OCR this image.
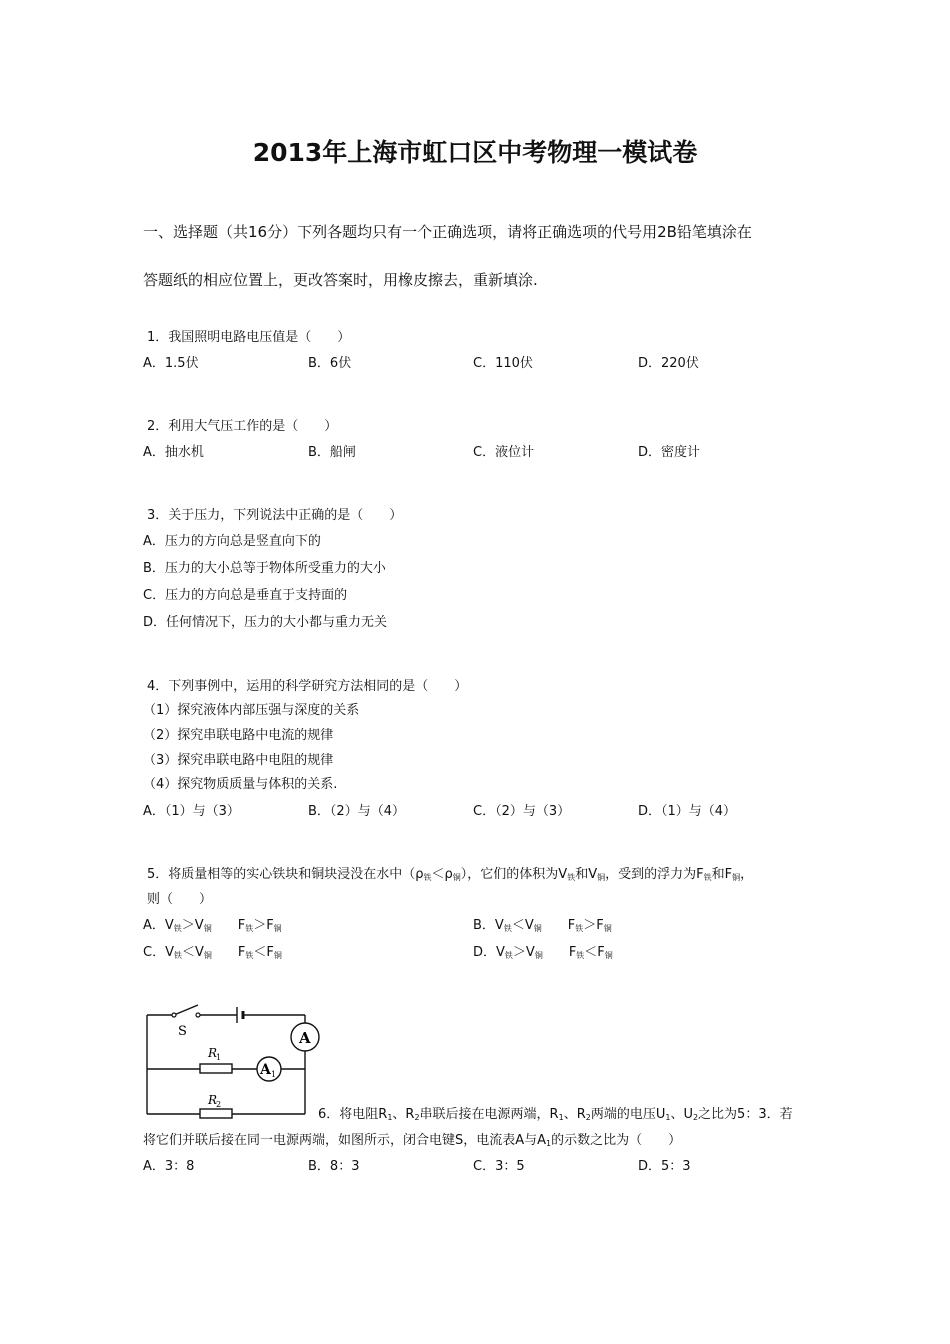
2013年上海市虹口区中考物理一模试卷
一、选择题（共16分）下列各题均只有一个正确选项，请将正确选项的代号用2B铅笔填涂在
答题纸的相应位置上，更改答案时，用橡皮擦去，重新填涂.
1．我国照明电路电压值是（　　）
A．1.5伏	B．6伏	C．110伏	D．220伏
2．利用大气压工作的是（　　）
A．抽水机	B．船闸	C．液位计	D．密度计
3．关于压力，下列说法中正确的是（　　）
A．压力的方向总是竖直向下的
B．压力的大小总等于物体所受重力的大小
C．压力的方向总是垂直于支持面的
D．任何情况下，压力的大小都与重力无关
4．下列事例中，运用的科学研究方法相同的是（　　）
（1）探究液体内部压强与深度的关系
（2）探究串联电路中电流的规律
（3）探究串联电路中电阻的规律
（4）探究物质质量与体积的关系.
A．（1）与（3）	B．（2）与（4）	C．（2）与（3）	D．（1）与（4）
5．将质量相等的实心铁块和铜块浸没在水中$(\rho_铁<\rho_铜)$，它们的体积为$V_铁$和$V_铜$，受到的浮力为$F_铁$和$F_铜$，
则（　　）
A．$V_铁>V_铜$　　$F_铁>F_铜$	B．$V_铁<V_铜$　　$F_铁>F_铜$
C．$V_铁<V_铜$　　$F_铁<F_铜$	D．$V_铁>V_铜$　　$F_铁<F_铜$
S	A
A 1
R
1
R
2
6．将电阻$R_1$、$R_2$串联后接在电源两端，$R_1$、$R_2$两端的电压$U_1$、$U_2$之比为5：3．若
将它们并联后接在同一电源两端，如图所示，闭合电键S，电流表A与$A_1$的示数之比为（　　）
A．3：8	B．8：3	C．3：5	D．5：3
